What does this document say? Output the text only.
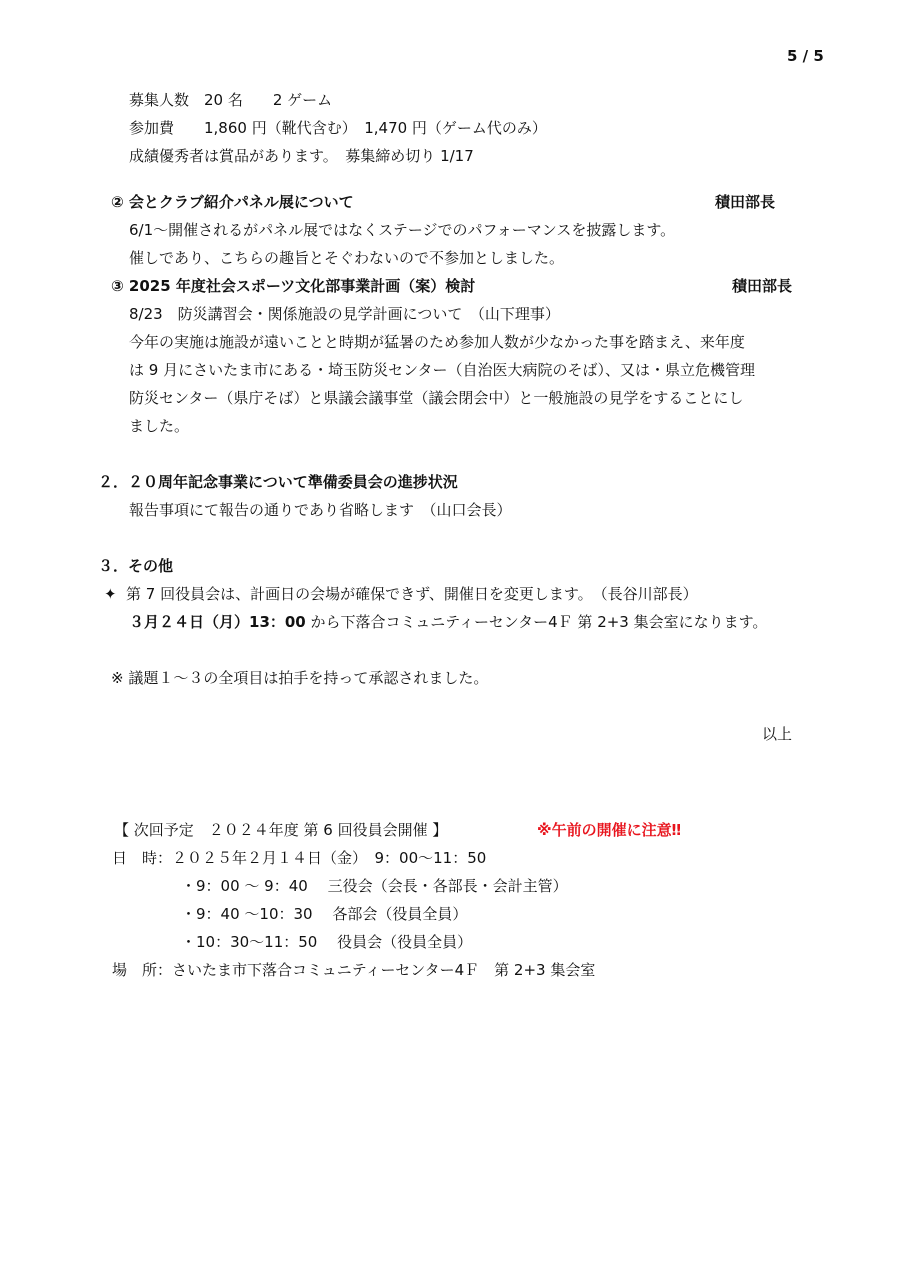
5 / 5
募集人数　20 名　　2 ゲーム
参加費　　1,860 円（靴代含む）　1,470 円（ゲーム代のみ）
成績優秀者は賞品があります。　募集締め切り 1/17
② 会とクラブ紹介パネル展について	積田部長
6/1〜開催されるがパネル展ではなくステージでのパフォーマンスを披露します。
催しであり、こちらの趣旨とそぐわないので不参加としました。
③ 2025 年度社会スポーツ文化部事業計画（案）検討	積田部長
8/23　防災講習会・関係施設の見学計画について　（山下理事）
今年の実施は施設が遠いことと時期が猛暑のため参加人数が少なかった事を踏まえ、来年度
は 9 月にさいたま市にある・埼玉防災センター（自治医大病院のそば）、又は・県立危機管理
防災センター（県庁そば）と県議会議事堂（議会閉会中）と一般施設の見学をすることにし
ました。
２．２０周年記念事業について準備委員会の進捗状況
報告事項にて報告の通りであり省略します　（山口会長）
３．その他
✦ 第 7 回役員会は、計画日の会場が確保できず、開催日を変更します。　（長谷川部長）
３月２４日（月）13：00 から下落合コミュニティーセンター4Ｆ 第 2+3 集会室になります。
※ 議題１～３の全項目は拍手を持って承認されました。
以上
【 次回予定　２０２４年度 第 6 回役員会開催 】	※午前の開催に注意‼
日　時：２０２５年２月１４日（金）　9：00〜11：50
・9：00 〜 9：40　 三役会（会長・各部長・会計主管）
・9：40 〜10：30　 各部会（役員全員）
・10：30〜11：50　 役員会（役員全員）
場　所：さいたま市下落合コミュニティーセンター4Ｆ　第 2+3 集会室
